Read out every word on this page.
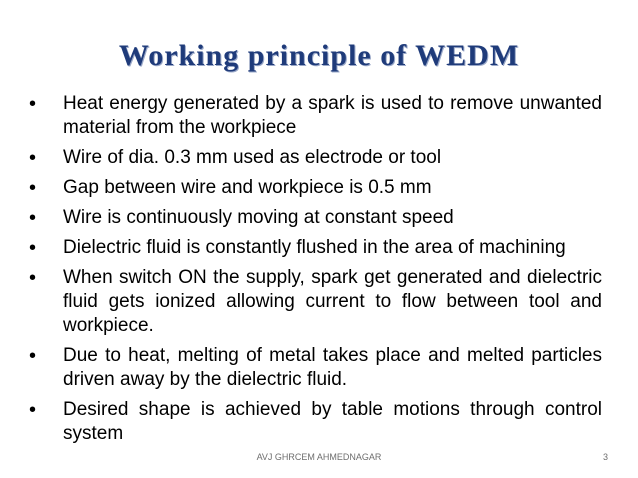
Working principle of WEDM
• Heat energy generated by a spark is used to remove unwanted material from the workpiece
• Wire of dia. 0.3 mm used as electrode or tool
• Gap between wire and workpiece is 0.5 mm
• Wire is continuously moving at constant speed
• Dielectric fluid is constantly flushed in the area of machining
• When switch ON the supply, spark get generated and dielectric fluid gets ionized allowing current to flow between tool and workpiece.
• Due to heat, melting of metal takes place and melted particles driven away by the dielectric fluid.
• Desired shape is achieved by table motions through control system
AVJ GHRCEM AHMEDNAGAR	3
